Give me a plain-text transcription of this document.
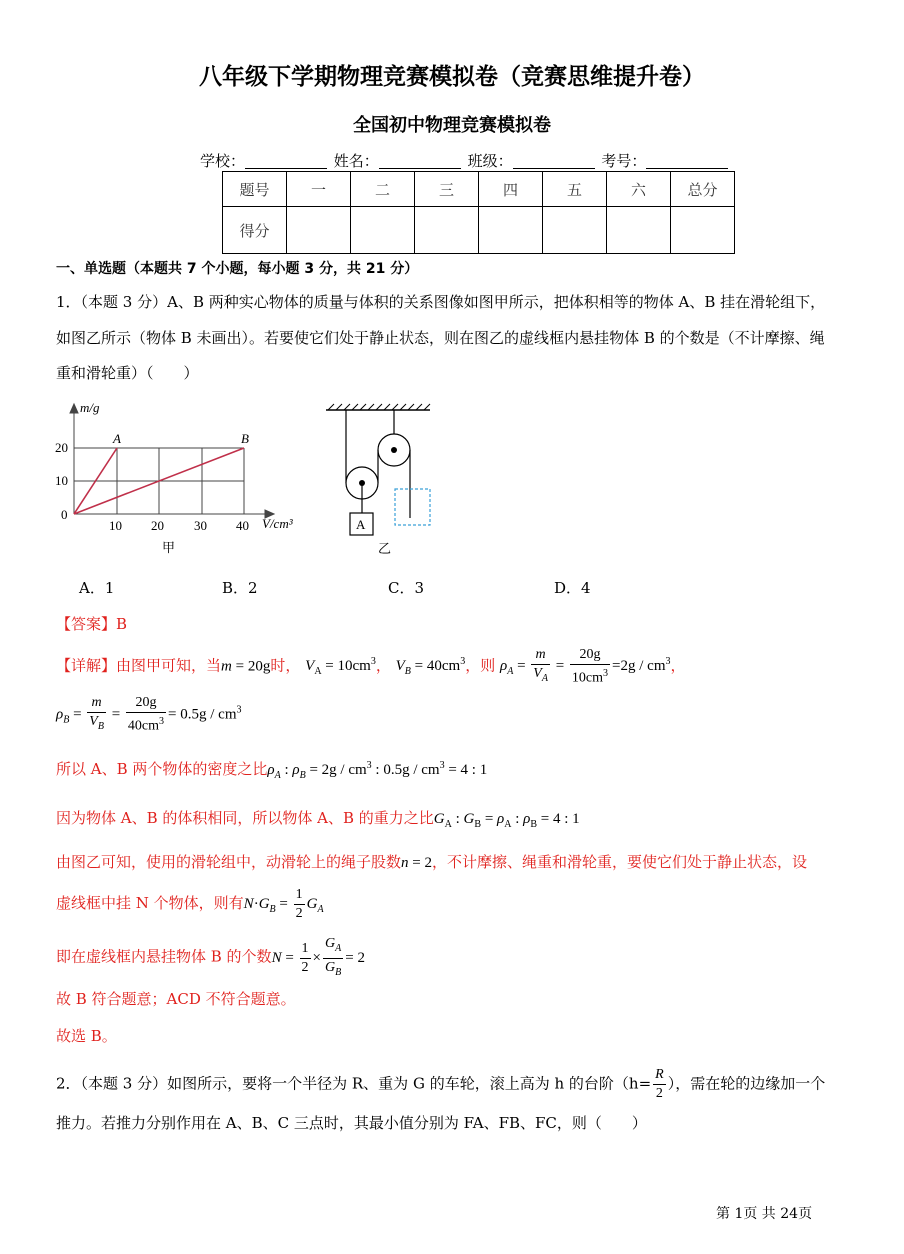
八年级下学期物理竞赛模拟卷（竞赛思维提升卷）
全国初中物理竞赛模拟卷
学校：	姓名：	班级：	考号：
题号	一	二	三	四	五	六	总分
得分							
一、单选题（本题共 7 个小题，每小题 3 分，共 21 分）
1．（本题 3 分）A、B 两种实心物体的质量与体积的关系图像如图甲所示，把体积相等的物体 A、B 挂在滑轮组下，
如图乙所示（物体 B 未画出）。若要使它们处于静止状态，则在图乙的虚线框内悬挂物体 B 的个数是（不计摩擦、绳
重和滑轮重）（　　）
m/g
20
10
0
10 20 30 40 V/cm³
A	B
甲
A
乙
A．1	B．2	C．3	D．4
【答案】B
【详解】由图甲可知，当m = 20g时， $V_A = 10cm^3$， $V_B = 40cm^3$，则 $\rho_A = \frac{m}{V_A} = \frac{20g}{10cm^3} =2g / cm^3$，
$\rho_B = \frac{m}{V_B} = \frac{20g}{40cm^3} = 0.5g / cm^3$
所以 A、B 两个物体的密度之比$\rho_A$ : $\rho_B = 2g / cm^3$ : $0.5g / cm^3 = 4$ : 1
因为物体 A、B 的体积相同，所以物体 A、B 的重力之比$G_A$ : $G_B = \rho_A$ : $\rho_B = 4$ : 1
由图乙可知，使用的滑轮组中，动滑轮上的绳子股数n = 2，不计摩擦、绳重和滑轮重，要使它们处于静止状态，设
虚线框中挂 N 个物体，则有$N\cdot G_B = \frac{1}{2} G_A$
即在虚线框内悬挂物体 B 的个数$N = \frac{1}{2} \times \frac{G_A}{G_B} = 2$
故 B 符合题意；ACD 不符合题意。
故选 B。
2．（本题 3 分）如图所示，要将一个半径为 R、重为 G 的车轮，滚上高为 h 的台阶（$h= \frac{R}{2}$ ），需在轮的边缘加一个
推力。若推力分别作用在 A、B、C 三点时，其最小值分别为 FA、FB、FC，则（　　）
第 1页 共 24页
